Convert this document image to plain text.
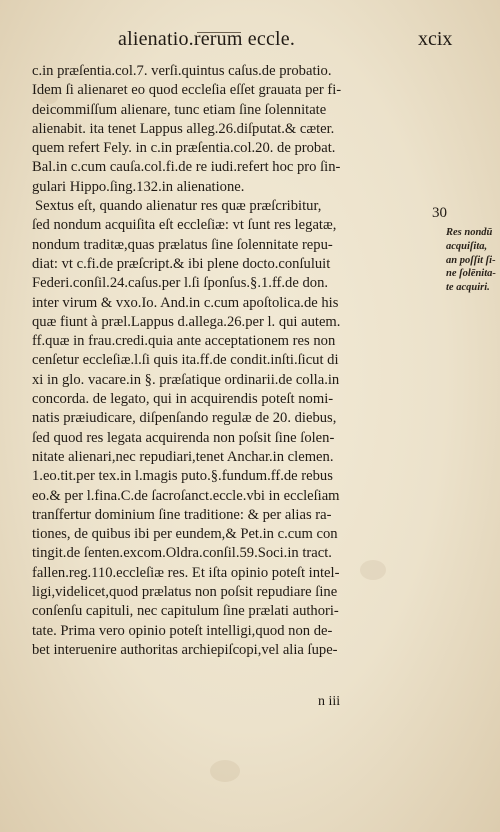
alienatio.rerum eccle.	xcix
c.in præſentia.col.7. verſi.quintus caſus.de probatio.
Idem ſi alienaret eo quod eccleſia eſſet grauata per fi-
deicommiſſum alienare, tunc etiam ſine ſolennitate
alienabit. ita tenet Lappus alleg.26.diſputat.& cæter.
quem refert Fely. in c.in præſentia.col.20. de probat.
Bal.in c.cum cauſa.col.fi.de re iudi.refert hoc pro ſin-
gulari Hippo.ſing.132.in alienatione.
Sextus eſt, quando alienatur res quæ præſcribitur,
ſed nondum acquiſita eſt eccleſiæ: vt ſunt res legatæ,
nondum traditæ,quas prælatus ſine ſolennitate repu-
diat: vt c.fi.de præſcript.& ibi plene docto.conſuluit
Federi.conſil.24.caſus.per l.ſi ſponſus.§.1.ff.de don.
inter virum & vxo.Io. And.in c.cum apoſtolica.de his
quæ fiunt à præl.Lappus d.allega.26.per l. qui autem.
ff.quæ in frau.credi.quia ante acceptationem res non
cenſetur eccleſiæ.l.ſi quis ita.ff.de condit.inſti.ſicut di
xi in glo. vacare.in §. præſatique ordinarii.de colla.in
concorda. de legato, qui in acquirendis poteſt nomi-
natis præiudicare, diſpenſando regulæ de 20. diebus,
ſed quod res legata acquirenda non poſsit ſine ſolen-
nitate alienari,nec repudiari,tenet Anchar.in clemen.
1.eo.tit.per tex.in l.magis puto.§.fundum.ff.de rebus
eo.& per l.fina.C.de ſacroſanct.eccle.vbi in eccleſiam
tranſfertur dominium ſine traditione: & per alias ra-
tiones, de quibus ibi per eundem,& Pet.in c.cum con
tingit.de ſenten.excom.Oldra.conſil.59.Soci.in tract.
fallen.reg.110.eccleſiæ res. Et iſta opinio poteſt intel-
ligi,videlicet,quod prælatus non poſsit repudiare ſine
conſenſu capituli, nec capitulum ſine prælati authori-
tate. Prima vero opinio poteſt intelligi,quod non de-
bet interuenire authoritas archiepiſcopi,vel alia ſupe-
30
Res nondū
acquiſita,
an poſſit ſi-
ne ſolēnita-
te acquiri.
n iii
